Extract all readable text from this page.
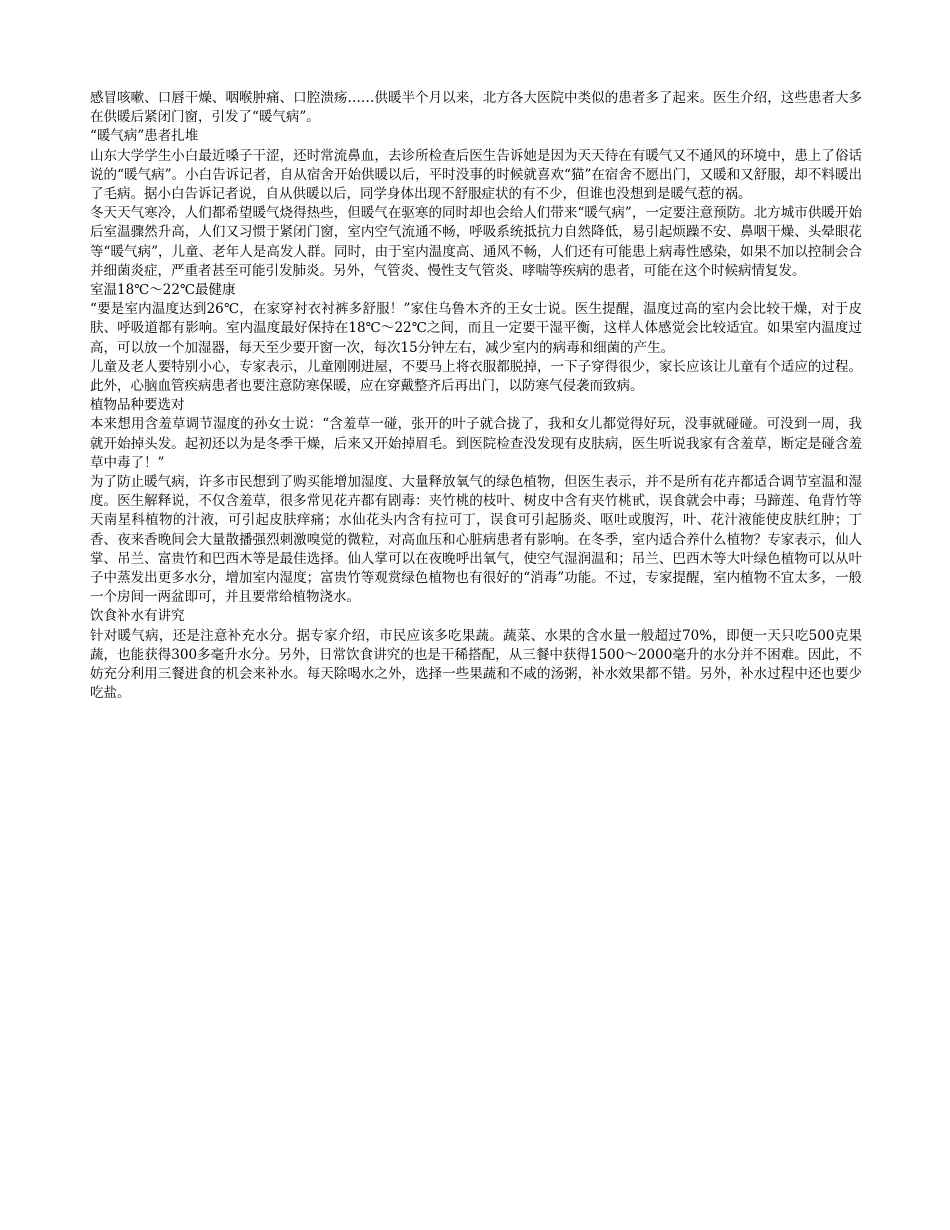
感冒咳嗽、口唇干燥、咽喉肿痛、口腔溃疡……供暖半个月以来，北方各大医院中类似的患者多了起来。医生介绍，这些患者大多在供暖后紧闭门窗，引发了“暖气病”。

“暖气病”患者扎堆

山东大学学生小白最近嗓子干涩，还时常流鼻血，去诊所检查后医生告诉她是因为天天待在有暖气又不通风的环境中，患上了俗话说的“暖气病”。小白告诉记者，自从宿舍开始供暖以后，平时没事的时候就喜欢“猫”在宿舍不愿出门，又暖和又舒服，却不料暖出了毛病。据小白告诉记者说，自从供暖以后，同学身体出现不舒服症状的有不少，但谁也没想到是暖气惹的祸。

冬天天气寒冷，人们都希望暖气烧得热些，但暖气在驱寒的同时却也会给人们带来“暖气病”，一定要注意预防。北方城市供暖开始后室温骤然升高，人们又习惯于紧闭门窗，室内空气流通不畅，呼吸系统抵抗力自然降低，易引起烦躁不安、鼻咽干燥、头晕眼花等“暖气病”，儿童、老年人是高发人群。同时，由于室内温度高、通风不畅，人们还有可能患上病毒性感染，如果不加以控制会合并细菌炎症，严重者甚至可能引发肺炎。另外，气管炎、慢性支气管炎、哮喘等疾病的患者，可能在这个时候病情复发。

室温18℃～22℃最健康

“要是室内温度达到26℃，在家穿衬衣衬裤多舒服！”家住乌鲁木齐的王女士说。医生提醒，温度过高的室内会比较干燥，对于皮肤、呼吸道都有影响。室内温度最好保持在18℃～22℃之间，而且一定要干湿平衡，这样人体感觉会比较适宜。如果室内温度过高，可以放一个加湿器，每天至少要开窗一次，每次15分钟左右，减少室内的病毒和细菌的产生。

儿童及老人要特别小心，专家表示，儿童刚刚进屋，不要马上将衣服都脱掉，一下子穿得很少，家长应该让儿童有个适应的过程。此外，心脑血管疾病患者也要注意防寒保暖，应在穿戴整齐后再出门，以防寒气侵袭而致病。

植物品种要选对

本来想用含羞草调节湿度的孙女士说：“含羞草一碰，张开的叶子就合拢了，我和女儿都觉得好玩，没事就碰碰。可没到一周，我就开始掉头发。起初还以为是冬季干燥，后来又开始掉眉毛。到医院检查没发现有皮肤病，医生听说我家有含羞草，断定是碰含羞草中毒了！”

为了防止暖气病，许多市民想到了购买能增加湿度、大量释放氧气的绿色植物，但医生表示，并不是所有花卉都适合调节室温和湿度。医生解释说，不仅含羞草，很多常见花卉都有剧毒：夹竹桃的枝叶、树皮中含有夹竹桃甙，误食就会中毒；马蹄莲、龟背竹等天南星科植物的汁液，可引起皮肤痒痛；水仙花头内含有拉可丁，误食可引起肠炎、呕吐或腹泻，叶、花汁液能使皮肤红肿；丁香、夜来香晚间会大量散播强烈刺激嗅觉的微粒，对高血压和心脏病患者有影响。在冬季，室内适合养什么植物？专家表示，仙人掌、吊兰、富贵竹和巴西木等是最佳选择。仙人掌可以在夜晚呼出氧气，使空气湿润温和；吊兰、巴西木等大叶绿色植物可以从叶子中蒸发出更多水分，增加室内湿度；富贵竹等观赏绿色植物也有很好的“消毒”功能。不过，专家提醒，室内植物不宜太多，一般一个房间一两盆即可，并且要常给植物浇水。

饮食补水有讲究

针对暖气病，还是注意补充水分。据专家介绍，市民应该多吃果蔬。蔬菜、水果的含水量一般超过70%，即便一天只吃500克果蔬，也能获得300多毫升水分。另外，日常饮食讲究的也是干稀搭配，从三餐中获得1500～2000毫升的水分并不困难。因此，不妨充分利用三餐进食的机会来补水。每天除喝水之外，选择一些果蔬和不咸的汤粥，补水效果都不错。另外，补水过程中还也要少吃盐。
